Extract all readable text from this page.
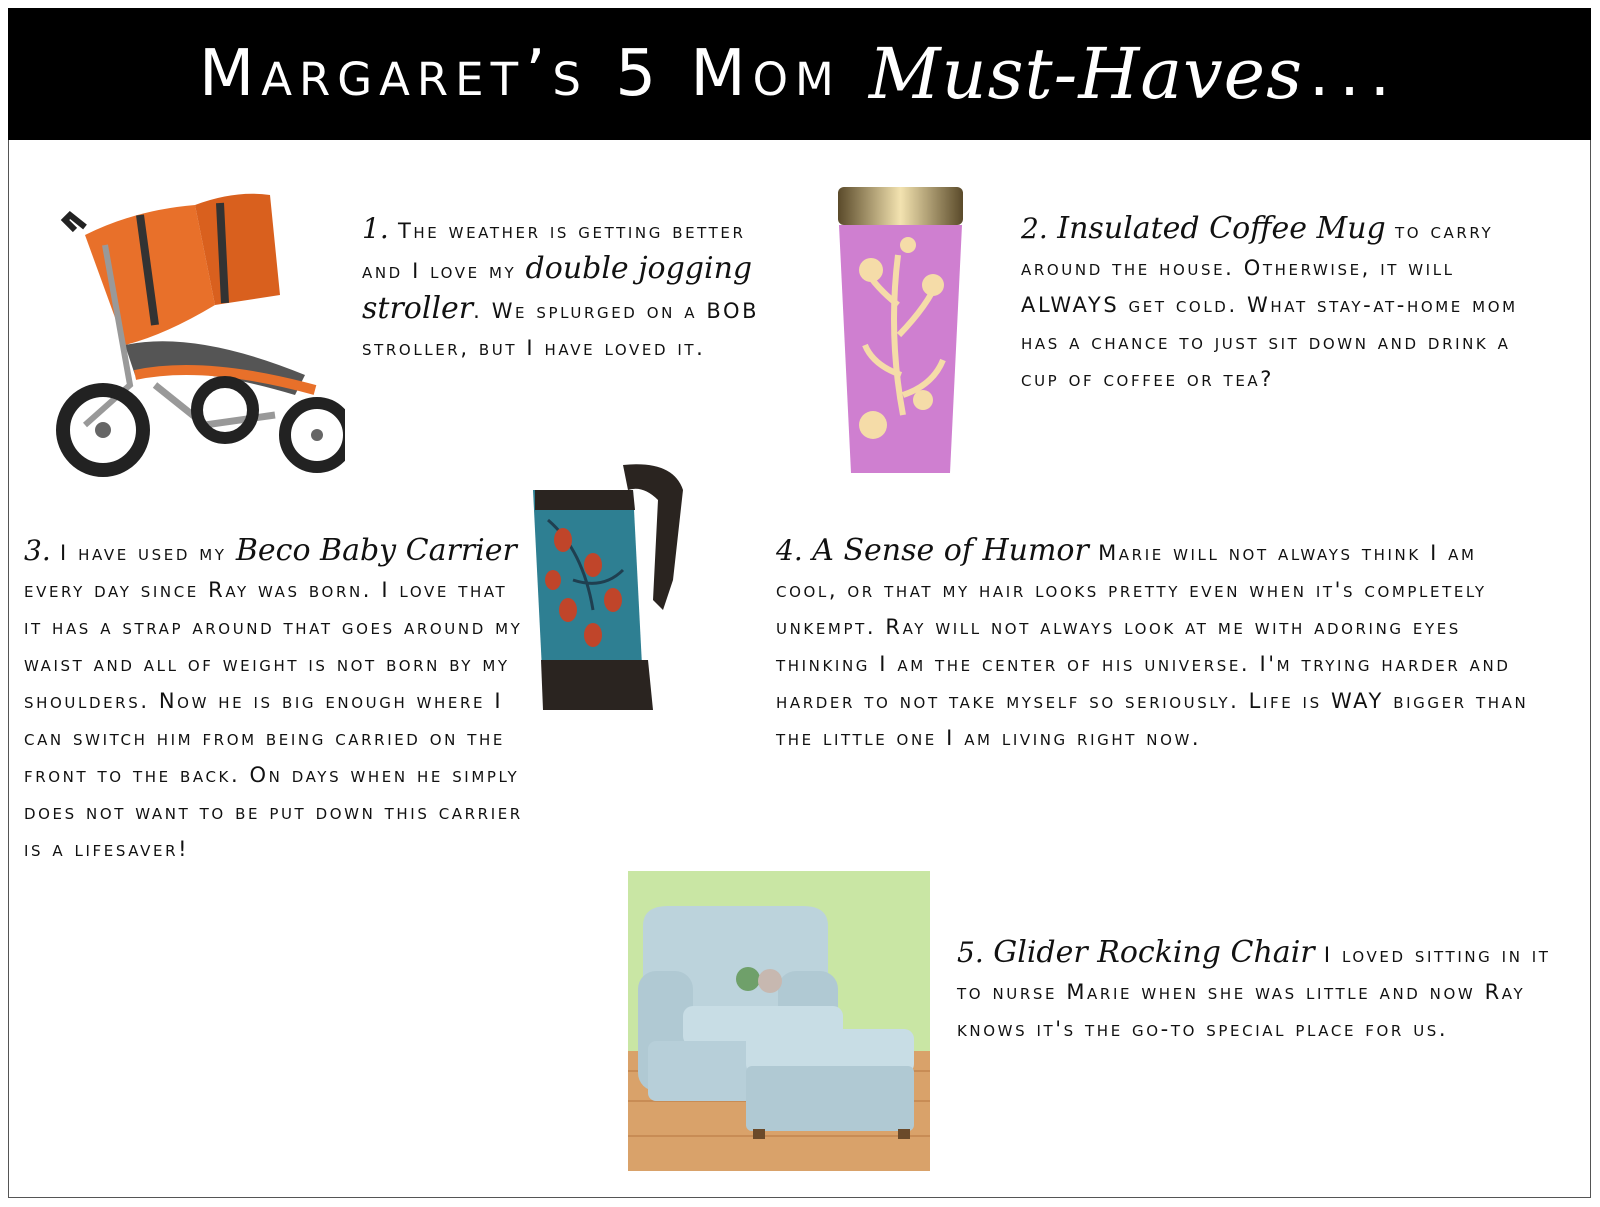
Margaret’s 5 Mom Must-Haves ...
1. The weather is getting better and I love my double jogging stroller. We splurged on a BOB stroller, but I have loved it.
2. Insulated Coffee Mug to carry around the house. Otherwise, it will ALWAYS get cold. What stay-at-home mom has a chance to just sit down and drink a cup of coffee or tea?
3. I have used my Beco Baby Carrier every day since Ray was born. I love that it has a strap around that goes around my waist and all of weight is not born by my shoulders. Now he is big enough where I can switch him from being carried on the front to the back. On days when he simply does not want to be put down this carrier is a lifesaver!
4. A Sense of Humor Marie will not always think I am cool, or that my hair looks pretty even when it's completely unkempt. Ray will not always look at me with adoring eyes thinking I am the center of his universe. I'm trying harder and harder to not take myself so seriously. Life is WAY bigger than the little one I am living right now.
5. Glider Rocking Chair I loved sitting in it to nurse Marie when she was little and now Ray knows it's the go-to special place for us.
